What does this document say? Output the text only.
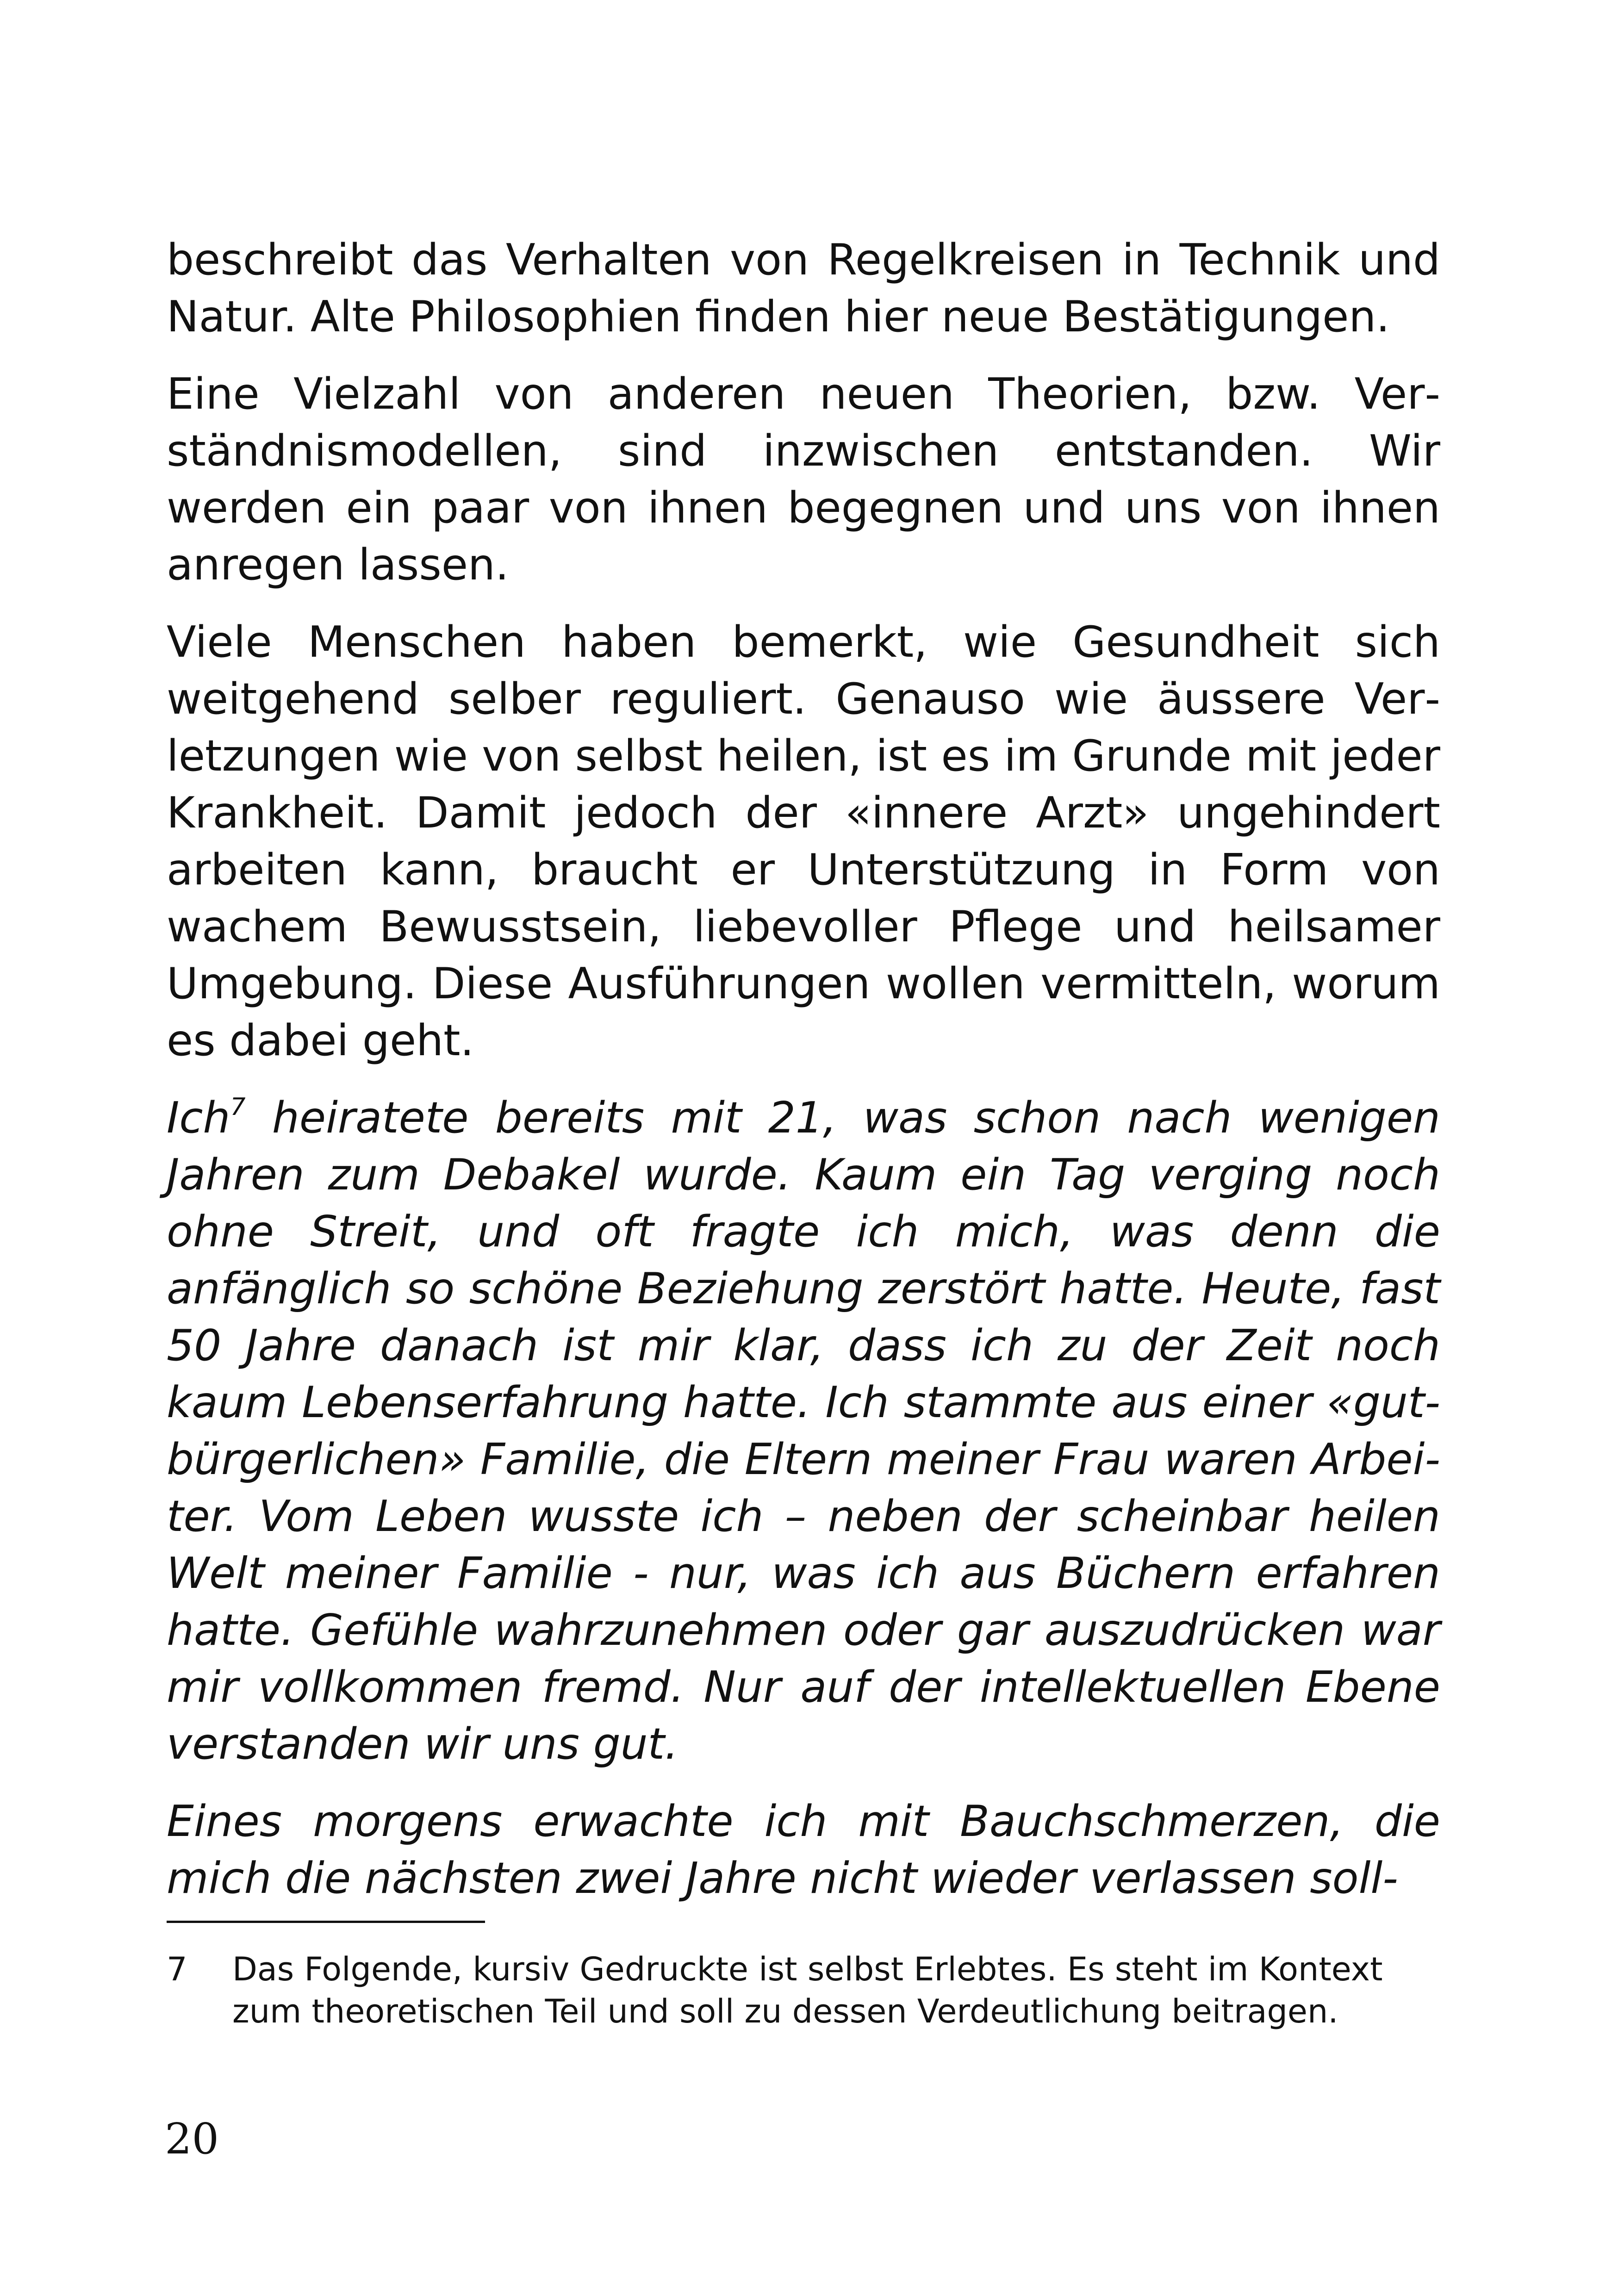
beschreibt das Verhalten von Regelkreisen in Technik und Natur. Alte Philosophien finden hier neue Bestätigungen.

Eine Vielzahl von anderen neuen Theorien, bzw. Verständnismodellen, sind inzwischen entstanden. Wir werden ein paar von ihnen begegnen und uns von ihnen anregen lassen.

Viele Menschen haben bemerkt, wie Gesundheit sich weitgehend selber reguliert. Genauso wie äussere Verletzungen wie von selbst heilen, ist es im Grunde mit jeder Krankheit. Damit jedoch der «innere Arzt» ungehindert arbeiten kann, braucht er Unterstützung in Form von wachem Bewusstsein, liebevoller Pflege und heilsamer Umgebung. Diese Ausführungen wollen vermitteln, worum es dabei geht.

Ich$^7$ heiratete bereits mit 21, was schon nach wenigen Jahren zum Debakel wurde. Kaum ein Tag verging noch ohne Streit, und oft fragte ich mich, was denn die anfänglich so schöne Beziehung zerstört hatte. Heute, fast 50 Jahre danach ist mir klar, dass ich zu der Zeit noch kaum Lebenserfahrung hatte. Ich stammte aus einer «gutbürgerlichen» Familie, die Eltern meiner Frau waren Arbeiter. Vom Leben wusste ich – neben der scheinbar heilen Welt meiner Familie - nur, was ich aus Büchern erfahren hatte. Gefühle wahrzunehmen oder gar auszudrücken war mir vollkommen fremd. Nur auf der intellektuellen Ebene verstanden wir uns gut.

Eines morgens erwachte ich mit Bauchschmerzen, die mich die nächsten zwei Jahre nicht wieder verlassen soll-

7 Das Folgende, kursiv Gedruckte ist selbst Erlebtes. Es steht im Kontext zum theoretischen Teil und soll zu dessen Verdeutlichung beitragen.
20
